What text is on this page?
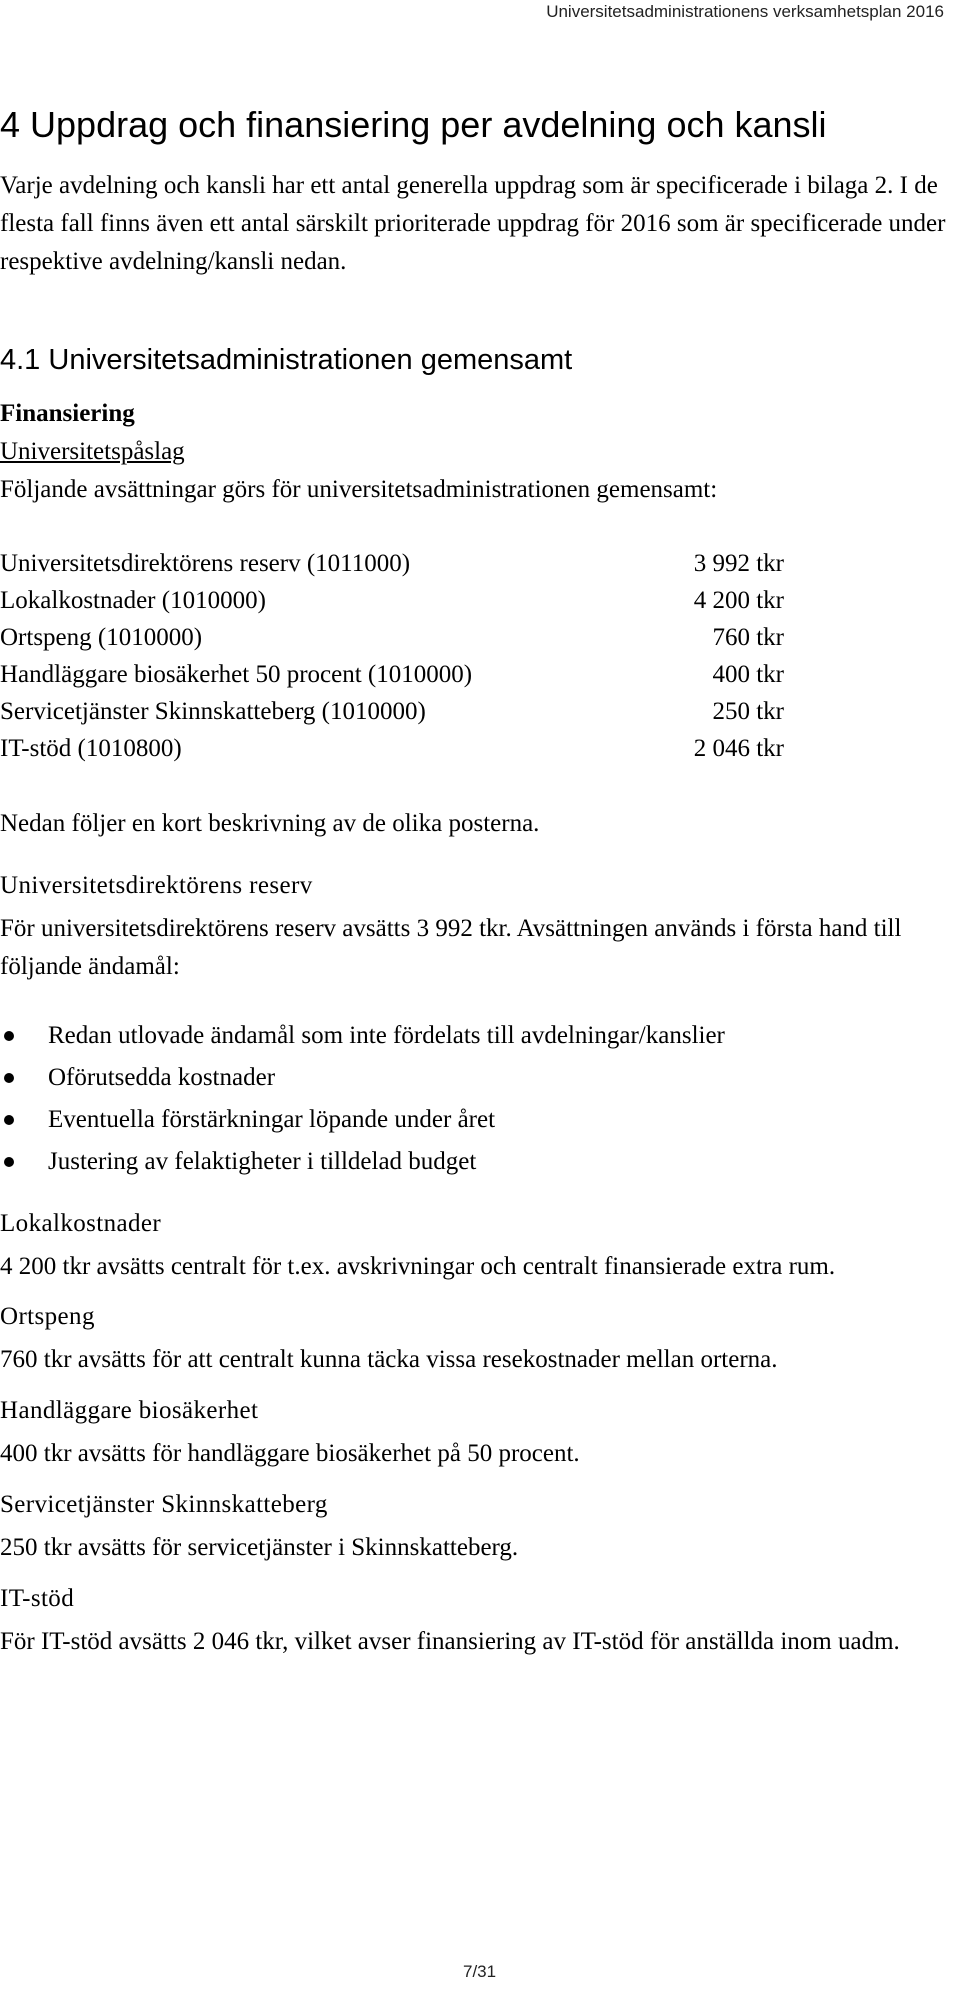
Universitetsadministrationens verksamhetsplan 2016
4 Uppdrag och finansiering per avdelning och kansli

Varje avdelning och kansli har ett antal generella uppdrag som är specificerade i bilaga 2. I de flesta fall finns även ett antal särskilt prioriterade uppdrag för 2016 som är specificerade under respektive avdelning/kansli nedan.

4.1 Universitetsadministrationen gemensamt
Finansiering

Universitetspåslag

Följande avsättningar görs för universitetsadministrationen gemensamt:

Universitetsdirektörens reserv (1011000)	3 992 tkr
Lokalkostnader (1010000)	4 200 tkr
Ortspeng (1010000)	760 tkr
Handläggare biosäkerhet 50 procent (1010000)	400 tkr
Servicetjänster Skinnskatteberg (1010000)	250 tkr
IT-stöd (1010800)	2 046 tkr

Nedan följer en kort beskrivning av de olika posterna.

Universitetsdirektörens reserv

För universitetsdirektörens reserv avsätts 3 992 tkr. Avsättningen används i första hand till följande ändamål:

Redan utlovade ändamål som inte fördelats till avdelningar/kanslier
Oförutsedda kostnader
Eventuella förstärkningar löpande under året
Justering av felaktigheter i tilldelad budget

Lokalkostnader

4 200 tkr avsätts centralt för t.ex. avskrivningar och centralt finansierade extra rum.

Ortspeng

760 tkr avsätts för att centralt kunna täcka vissa resekostnader mellan orterna.

Handläggare biosäkerhet

400 tkr avsätts för handläggare biosäkerhet på 50 procent.

Servicetjänster Skinnskatteberg

250 tkr avsätts för servicetjänster i Skinnskatteberg.

IT-stöd

För IT-stöd avsätts 2 046 tkr, vilket avser finansiering av IT-stöd för anställda inom uadm.

7/31
